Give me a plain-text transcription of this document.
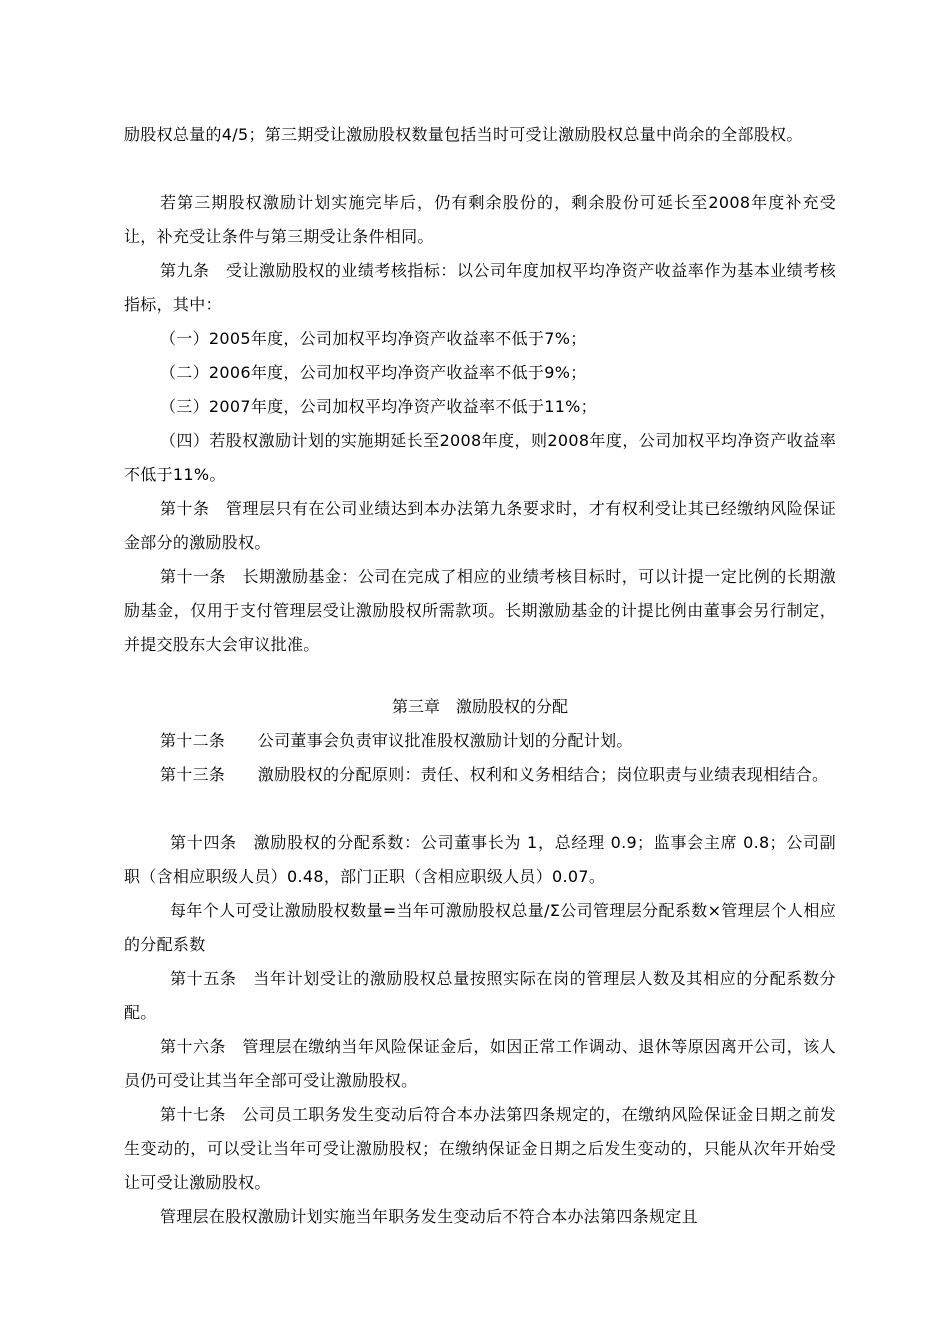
励股权总量的4/5；第三期受让激励股权数量包括当时可受让激励股权总量中尚余的全部股权。

若第三期股权激励计划实施完毕后，仍有剩余股份的，剩余股份可延长至2008年度补充受让，补充受让条件与第三期受让条件相同。

第九条　受让激励股权的业绩考核指标：以公司年度加权平均净资产收益率作为基本业绩考核指标，其中：

（一）2005年度，公司加权平均净资产收益率不低于7%；

（二）2006年度，公司加权平均净资产收益率不低于9%；

（三）2007年度，公司加权平均净资产收益率不低于11%；

（四）若股权激励计划的实施期延长至2008年度，则2008年度，公司加权平均净资产收益率不低于11%。

第十条　管理层只有在公司业绩达到本办法第九条要求时，才有权利受让其已经缴纳风险保证金部分的激励股权。

第十一条　长期激励基金：公司在完成了相应的业绩考核目标时，可以计提一定比例的长期激励基金，仅用于支付管理层受让激励股权所需款项。长期激励基金的计提比例由董事会另行制定，并提交股东大会审议批准。

第三章　激励股权的分配

第十二条　　公司董事会负责审议批准股权激励计划的分配计划。

第十三条　　激励股权的分配原则：责任、权利和义务相结合；岗位职责与业绩表现相结合。

第十四条　激励股权的分配系数：公司董事长为 1，总经理 0.9；监事会主席 0.8；公司副职（含相应职级人员）0.48，部门正职（含相应职级人员）0.07。

每年个人可受让激励股权数量=当年可激励股权总量/Σ公司管理层分配系数×管理层个人相应的分配系数

第十五条　当年计划受让的激励股权总量按照实际在岗的管理层人数及其相应的分配系数分配。

第十六条　管理层在缴纳当年风险保证金后，如因正常工作调动、退休等原因离开公司，该人员仍可受让其当年全部可受让激励股权。

第十七条　公司员工职务发生变动后符合本办法第四条规定的，在缴纳风险保证金日期之前发生变动的，可以受让当年可受让激励股权；在缴纳保证金日期之后发生变动的，只能从次年开始受让可受让激励股权。

管理层在股权激励计划实施当年职务发生变动后不符合本办法第四条规定且
